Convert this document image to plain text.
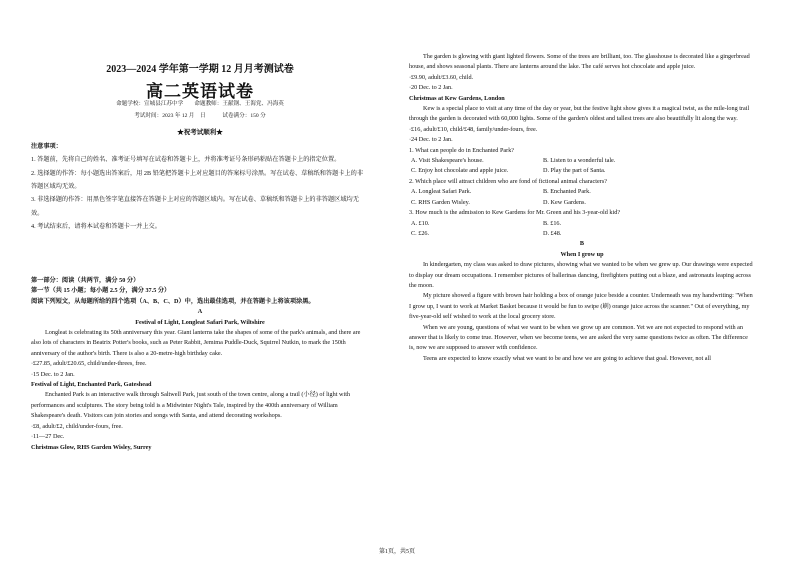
2023—2024 学年第一学期 12 月月考测试卷
高二英语试卷
命题学校：宣城县江苏中学　　命题教师：王献钢、王海党、冯海英
考试时间：2023 年 12 月　日　　　试卷满分：150 分
★祝考试顺利★

注意事项：

1. 答题前，先将自己的姓名、准考证号填写在试卷和答题卡上，并将准考证号条形码粘贴在答题卡上的指定位置。

2. 选择题的作答：每小题选出答案后，用 2B 铅笔把答题卡上对应题目的答案标号涂黑。写在试卷、草稿纸和答题卡上的非答题区域均无效。

3. 非选择题的作答：用黑色签字笔直接答在答题卡上对应的答题区域内。写在试卷、草稿纸和答题卡上的非答题区域均无效。

4. 考试结束后，请将本试卷和答题卡一并上交。

第一部分：阅读（共两节，满分 50 分）

第一节（共 15 小题；每小题 2.5 分，满分 37.5 分）

阅读下列短文，从每题所给的四个选项（A、B、C、D）中，选出最佳选项，并在答题卡上将该项涂黑。

A

Festival of Light, Longleat Safari Park, Wiltshire

Longleat is celebrating its 50th anniversary this year. Giant lanterns take the shapes of some of the park's animals, and there are also lots of characters in Beatrix Potter's books, such as Peter Rabbit, Jemima Puddle-Duck, Squirrel Nutkin, to mark the 150th anniversary of the author's birth. There is also a 20-metre-high birthday cake.

·£27.85, adult/£20.65, child/under-threes, free.

·15 Dec. to 2 Jan.

Festival of Light, Enchanted Park, Gateshead

Enchanted Park is an interactive walk through Saltwell Park, just south of the town centre, along a trail (小径) of light with performances and sculptures. The story being told is a Midwinter Night's Tale, inspired by the 400th anniversary of William Shakespeare's death. Visitors can join stories and songs with Santa, and attend decorating workshops.

·£8, adult/£2, child/under-fours, free.

·11—27 Dec.

Christmas Glow, RHS Garden Wisley, Surrey

The garden is glowing with giant lighted flowers. Some of the trees are brilliant, too. The glasshouse is decorated like a gingerbread house, and shows seasonal plants. There are lanterns around the lake. The café serves hot chocolate and apple juice.

·£9.90, adult/£3.60, child.

·20 Dec. to 2 Jan.

Christmas at Kew Gardens, London

Kew is a special place to visit at any time of the day or year, but the festive light show gives it a magical twist, as the mile-long trail through the garden is decorated with 60,000 lights. Some of the garden's oldest and tallest trees are also beautifully lit along the way.

·£16, adult/£10, child/£48, family/under-fours, free.

·24 Dec. to 2 Jan.

1. What can people do in Enchanted Park?

A. Visit Shakespeare's house.	B. Listen to a wonderful tale.
C. Enjoy hot chocolate and apple juice.	D. Play the part of Santa.

2. Which place will attract children who are fond of fictional animal characters?

A. Longleat Safari Park.	B. Enchanted Park.
C. RHS Garden Wisley.	D. Kew Gardens.

3. How much is the admission to Kew Gardens for Mr. Green and his 3-year-old kid?

A. £10.	B. £16.
C. £26.	D. £48.

B

When I grow up

In kindergarten, my class was asked to draw pictures, showing what we wanted to be when we grew up. Our drawings were expected to display our dream occupations. I remember pictures of ballerinas dancing, firefighters putting out a blaze, and astronauts leaping across the moon.

My picture showed a figure with brown hair holding a box of orange juice beside a counter. Underneath was my handwriting: "When I grow up, I want to work at Market Basket because it would be fun to swipe (刷) orange juice across the scanner." Out of everything, my five-year-old self wished to work at the local grocery store.

When we are young, questions of what we want to be when we grow up are common. Yet we are not expected to respond with an answer that is likely to come true. However, when we become teens, we are asked the very same questions twice as often. The difference is, now we are supposed to answer with confidence.

Teens are expected to know exactly what we want to be and how we are going to achieve that goal. However, not all

第1页，共5页
